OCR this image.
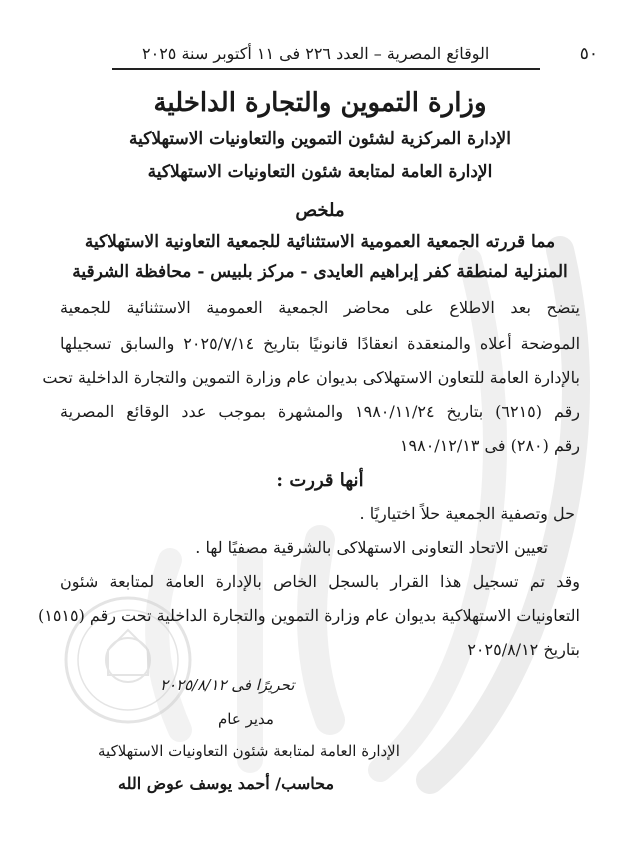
٥٠
الوقائع المصرية – العدد ٢٢٦ فى ١١ أكتوبر سنة ٢٠٢٥
وزارة التموين والتجارة الداخلية
الإدارة المركزية لشئون التموين والتعاونيات الاستهلاكية
الإدارة العامة لمتابعة شئون التعاونيات الاستهلاكية
ملخص
مما قررته الجمعية العمومية الاستثنائية للجمعية التعاونية الاستهلاكية
المنزلية لمنطقة كفر إبراهيم العايدى - مركز بلبيس - محافظة الشرقية
يتضح بعد الاطلاع على محاضر الجمعية العمومية الاستثنائية للجمعية
الموضحة أعلاه والمنعقدة انعقادًا قانونيًا بتاريخ ٢٠٢٥/٧/١٤ والسابق تسجيلها
بالإدارة العامة للتعاون الاستهلاكى بديوان عام وزارة التموين والتجارة الداخلية تحت
رقم (٦٢١٥) بتاريخ ١٩٨٠/١١/٢٤ والمشهرة بموجب عدد الوقائع المصرية
رقم (٢٨٠) فى ١٩٨٠/١٢/١٣
أنها قررت :
حل وتصفية الجمعية حلاً اختياريًا .
تعيين الاتحاد التعاونى الاستهلاكى بالشرقية مصفيًا لها .
وقد تم تسجيل هذا القرار بالسجل الخاص بالإدارة العامة لمتابعة شئون
التعاونيات الاستهلاكية بديوان عام وزارة التموين والتجارة الداخلية تحت رقم (١٥١٥)
بتاريخ ٢٠٢٥/٨/١٢
تحريرًا فى ٢٠٢٥/٨/١٢
مدير عام
الإدارة العامة لمتابعة شئون التعاونيات الاستهلاكية
محاسب/ أحمد يوسف عوض الله
